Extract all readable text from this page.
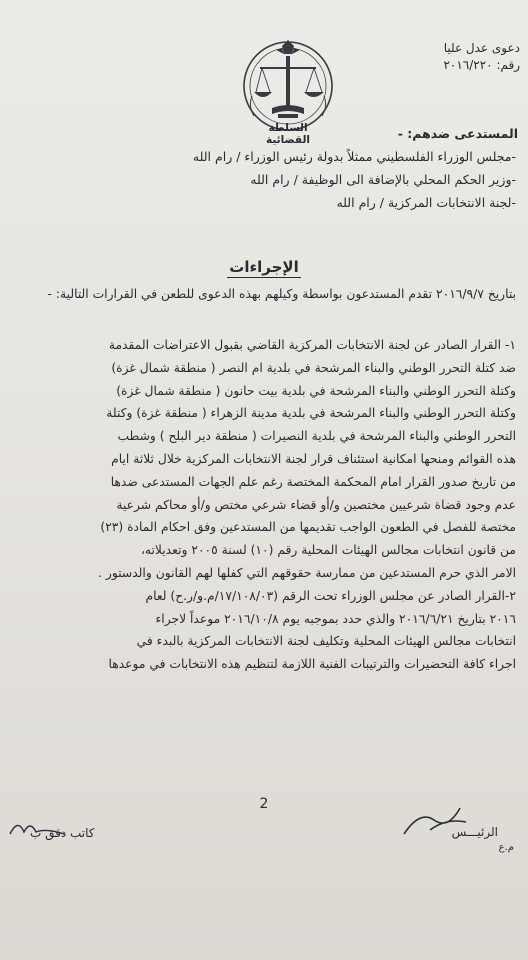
دعوى عدل عليا
رقم: ٢٠١٦/٢٢٠
السلطة القضائية	المستدعى ضدهم: -
-مجلس الوزراء الفلسطيني ممثلاً بدولة رئيس الوزراء / رام الله
-وزير الحكم المحلي بالإضافة الى الوظيفة / رام الله
-لجنة الانتخابات المركزية / رام الله
الإجراءات
بتاريخ ٢٠١٦/٩/٧ تقدم المستدعون بواسطة وكيلهم بهذه الدعوى للطعن في القرارات التالية: -
١- القرار الصادر عن لجنة الانتخابات المركزية القاضي بقبول الاعتراضات المقدمة
ضد كتلة التحرر الوطني والبناء المرشحة في بلدية ام النصر ( منطقة شمال غزة)
وكتلة التحرر الوطني والبناء المرشحة في بلدية بيت حانون ( منطقة شمال غزة)
وكتلة التحرر الوطني والبناء المرشحة في بلدية مدينة الزهراء ( منطقة غزة) وكتلة
التحرر الوطني والبناء المرشحة في بلدية النصيرات ( منطقة دير البلح ) وشطب
هذه القوائم ومنحها امكانية استئناف قرار لجنة الانتخابات المركزية خلال ثلاثة ايام
من تاريخ صدور القرار امام المحكمة المختصة رغم علم الجهات المستدعى ضدها
عدم وجود قضاة شرعيين مختصين و/أو قضاء شرعي مختص و/أو محاكم شرعية
مختصة للفصل في الطعون الواجب تقديمها من المستدعين وفق احكام المادة (٢٣)
من قانون انتخابات مجالس الهيئات المحلية رقم (١٠) لسنة ٢٠٠٥ وتعديلاته،
الامر الذي حرم المستدعين من ممارسة حقوقهم التي كفلها لهم القانون والدستور .
٢-القرار الصادر عن مجلس الوزراء تحت الرقم (١٧/١٠٨/٠٣/م.و/ر.ح) لعام
٢٠١٦ بتاريخ ٢٠١٦/٦/٢١ والذي حدد بموجبه يوم ٢٠١٦/١٠/٨ موعداً لاجراء
انتخابات مجالس الهيئات المحلية وتكليف لجنة الانتخابات المركزية بالبدء في
اجراء كافة التحضيرات والترتيبات الفنية اللازمة لتنظيم هذه الانتخابات في موعدها
2
الرئيـــس
كاتب دقق ب
م.ع
